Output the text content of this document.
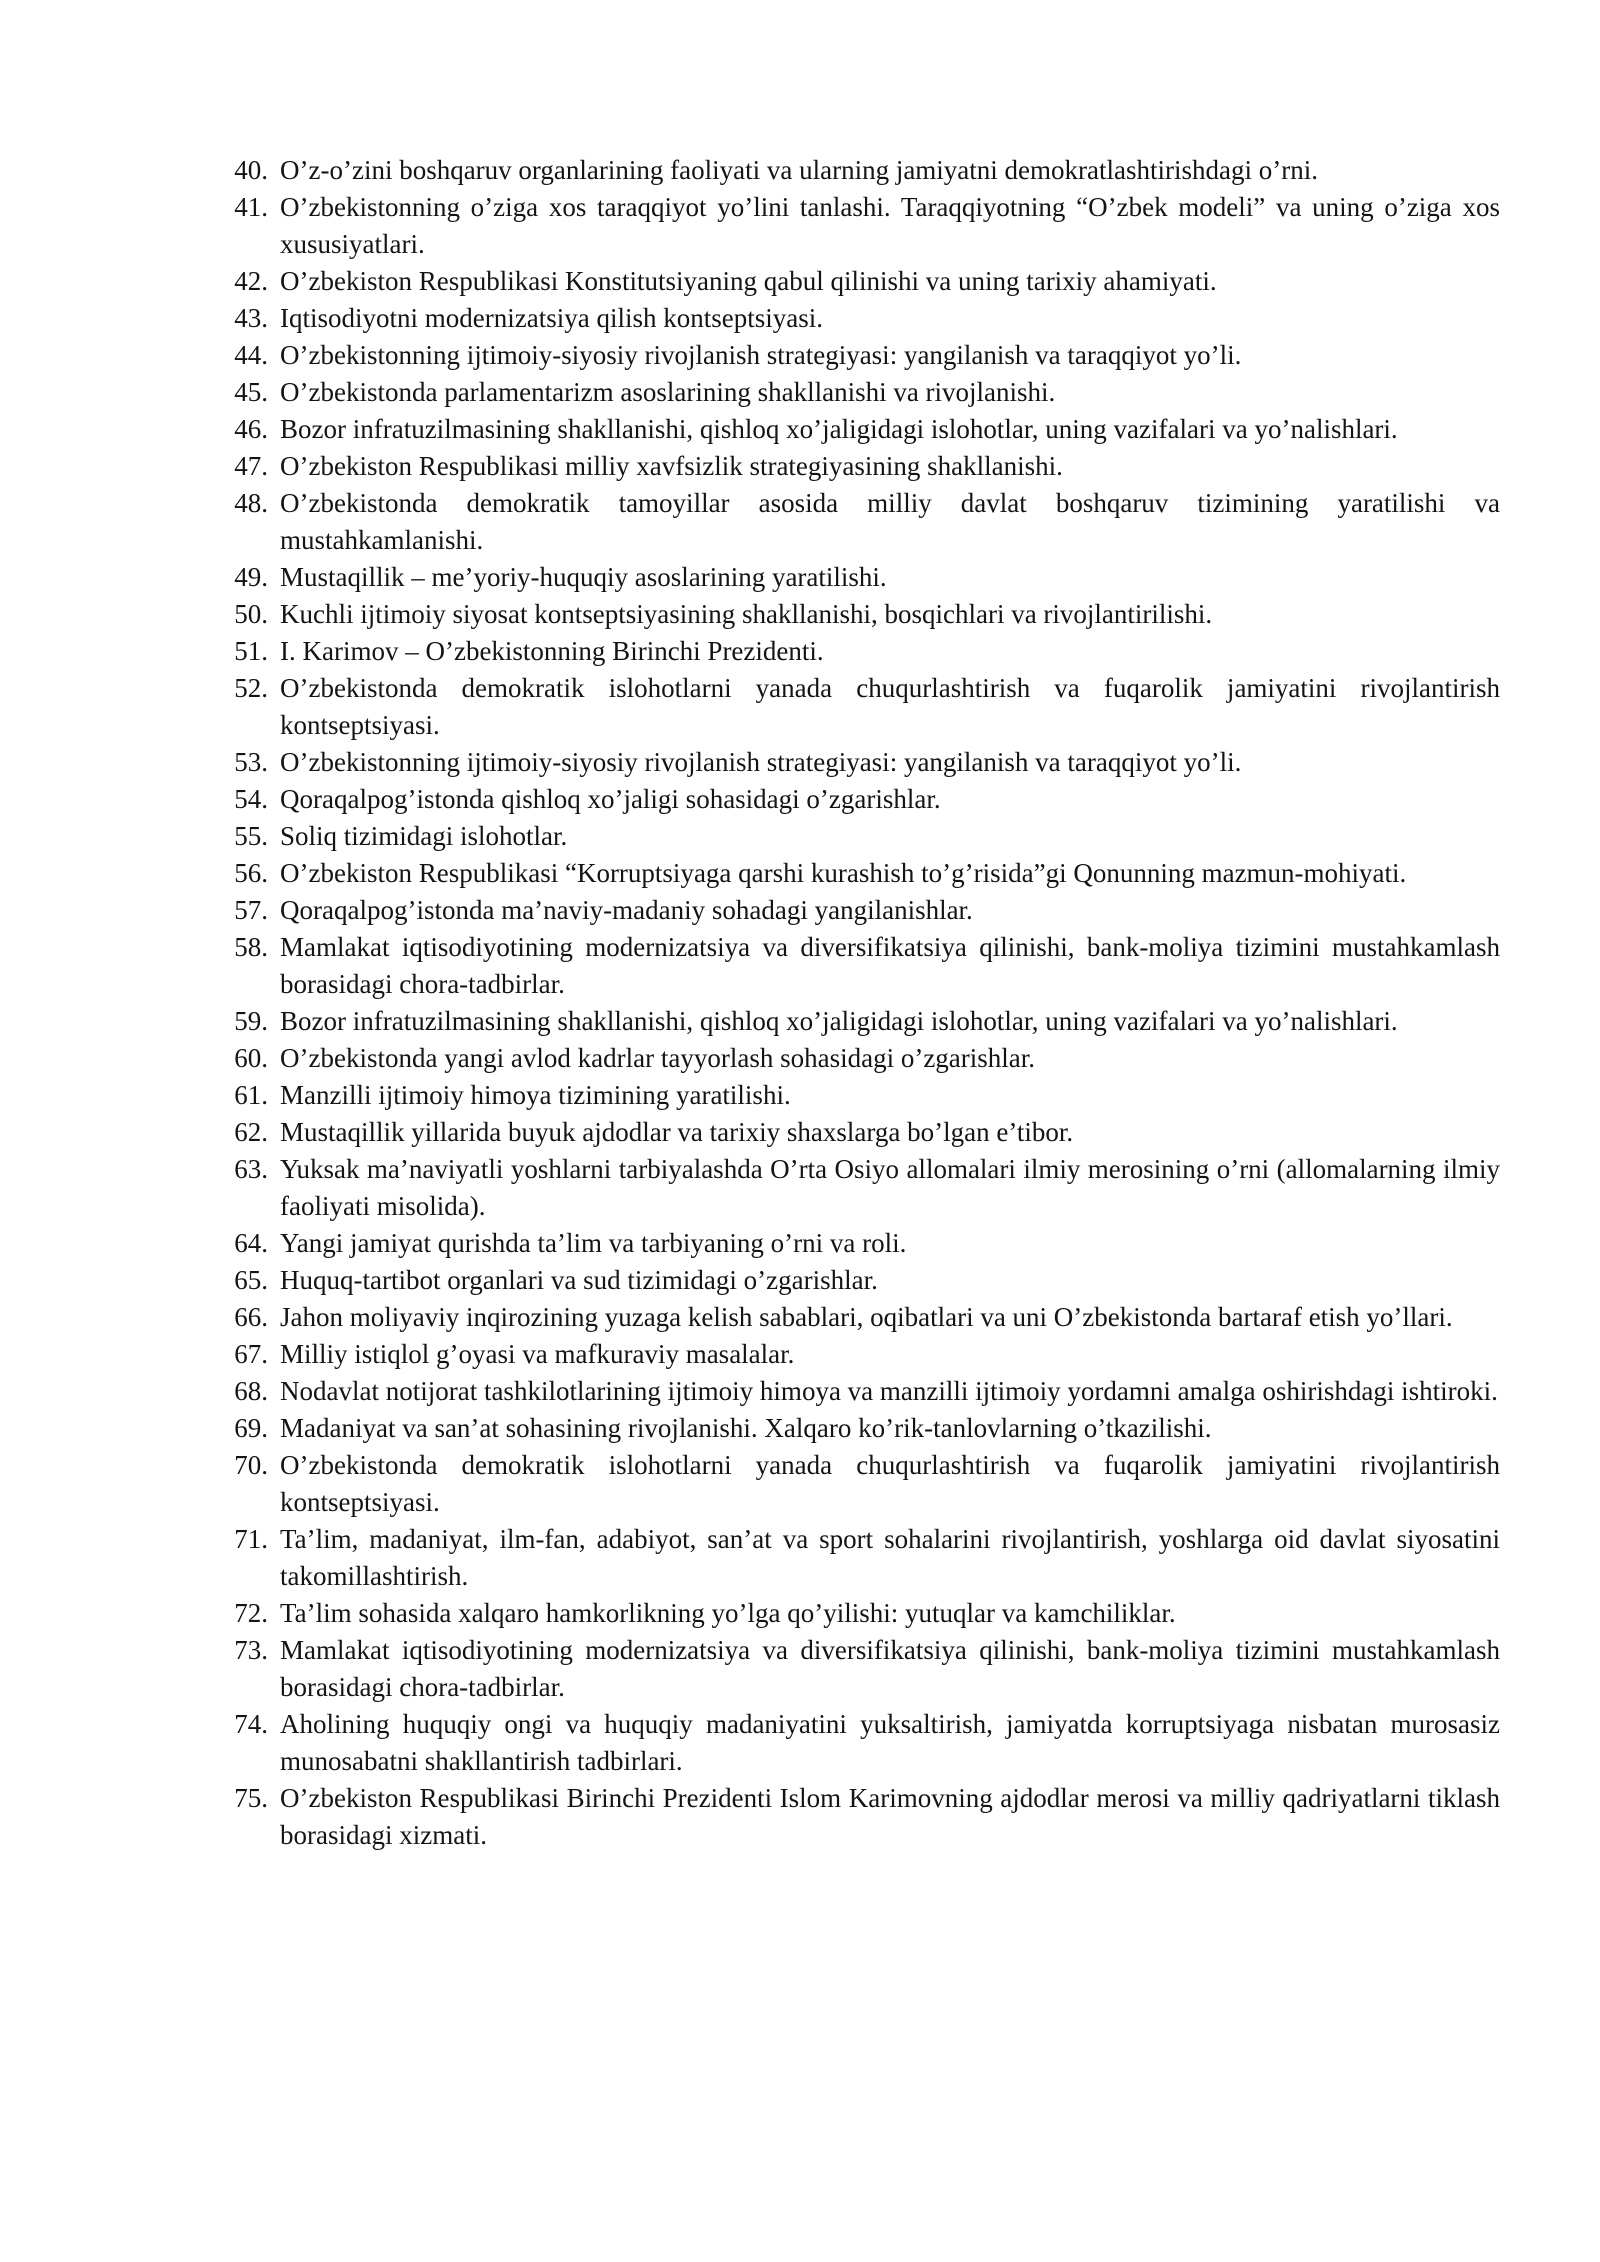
40 . O’z-o’zini boshqaruv organlarining faoliyati va ularning jamiyatni demokratlashtirishdagi o’rni.
41 . O’zbekistonning o’ziga xos taraqqiyot yo’lini tanlashi. Taraqqiyotning “O’zbek modeli” va uning o’ziga xos xususiyatlari.
42 . O’zbekiston Respublikasi Konstitutsiyaning qabul qilinishi va uning tarixiy ahamiyati.
43 . Iqtisodiyotni modernizatsiya qilish kontseptsiyasi.
44 . O’zbekistonning ijtimoiy-siyosiy rivojlanish strategiyasi: yangilanish va taraqqiyot yo’li.
45 . O’zbekistonda parlamentarizm asoslarining shakllanishi va rivojlanishi.
46 . Bozor infratuzilmasining shakllanishi, qishloq xo’jaligidagi islohotlar, uning vazifalari va yo’nalishlari.
47 . O’zbekiston Respublikasi milliy xavfsizlik strategiyasining shakllanishi.
48 . O’zbekistonda demokratik tamoyillar asosida milliy davlat boshqaruv tizimining yaratilishi va mustahkamlanishi.
49 . Mustaqillik – me’yoriy-huquqiy asoslarining yaratilishi.
50 . Kuchli ijtimoiy siyosat kontseptsiyasining shakllanishi, bosqichlari va rivojlantirilishi.
51 . I. Karimov – O’zbekistonning Birinchi Prezidenti.
52 . O’zbekistonda demokratik islohotlarni yanada chuqurlashtirish va fuqarolik jamiyatini rivojlantirish kontseptsiyasi.
53 . O’zbekistonning ijtimoiy-siyosiy rivojlanish strategiyasi: yangilanish va taraqqiyot yo’li.
54 . Qoraqalpog’istonda qishloq xo’jaligi sohasidagi o’zgarishlar.
55 . Soliq tizimidagi islohotlar.
56 . O’zbekiston Respublikasi “Korruptsiyaga qarshi kurashish to’g’risida”gi Qonunning mazmun-mohiyati.
57 . Qoraqalpog’istonda ma’naviy-madaniy sohadagi yangilanishlar.
58 . Mamlakat iqtisodiyotining modernizatsiya va diversifikatsiya qilinishi, bank-moliya tizimini mustahkamlash borasidagi chora-tadbirlar.
59 . Bozor infratuzilmasining shakllanishi, qishloq xo’jaligidagi islohotlar, uning vazifalari va yo’nalishlari.
60 . O’zbekistonda yangi avlod kadrlar tayyorlash sohasidagi o’zgarishlar.
61 . Manzilli ijtimoiy himoya tizimining yaratilishi.
62 . Mustaqillik yillarida buyuk ajdodlar va tarixiy shaxslarga bo’lgan e’tibor.
63 . Yuksak ma’naviyatli yoshlarni tarbiyalashda O’rta Osiyo allomalari ilmiy merosining o’rni (allomalarning ilmiy faoliyati misolida).
64 . Yangi jamiyat qurishda ta’lim va tarbiyaning o’rni va roli.
65 . Huquq-tartibot organlari va sud tizimidagi o’zgarishlar.
66 . Jahon moliyaviy inqirozining yuzaga kelish sabablari, oqibatlari va uni O’zbekistonda bartaraf etish yo’llari.
67 . Milliy istiqlol g’oyasi va mafkuraviy masalalar.
68 . Nodavlat notijorat tashkilotlarining ijtimoiy himoya va manzilli ijtimoiy yordamni amalga oshirishdagi ishtiroki.
69 . Madaniyat va san’at sohasining rivojlanishi. Xalqaro ko’rik-tanlovlarning o’tkazilishi.
70 . O’zbekistonda demokratik islohotlarni yanada chuqurlashtirish va fuqarolik jamiyatini rivojlantirish kontseptsiyasi.
71 . Ta’lim, madaniyat, ilm-fan, adabiyot, san’at va sport sohalarini rivojlantirish, yoshlarga oid davlat siyosatini takomillashtirish.
72 . Ta’lim sohasida xalqaro hamkorlikning yo’lga qo’yilishi: yutuqlar va kamchiliklar.
73 . Mamlakat iqtisodiyotining modernizatsiya va diversifikatsiya qilinishi, bank-moliya tizimini mustahkamlash borasidagi chora-tadbirlar.
74 . Aholining huquqiy ongi va huquqiy madaniyatini yuksaltirish, jamiyatda korruptsiyaga nisbatan murosasiz munosabatni shakllantirish tadbirlari.
75 . O’zbekiston Respublikasi Birinchi Prezidenti Islom Karimovning ajdodlar merosi va milliy qadriyatlarni tiklash borasidagi xizmati.
